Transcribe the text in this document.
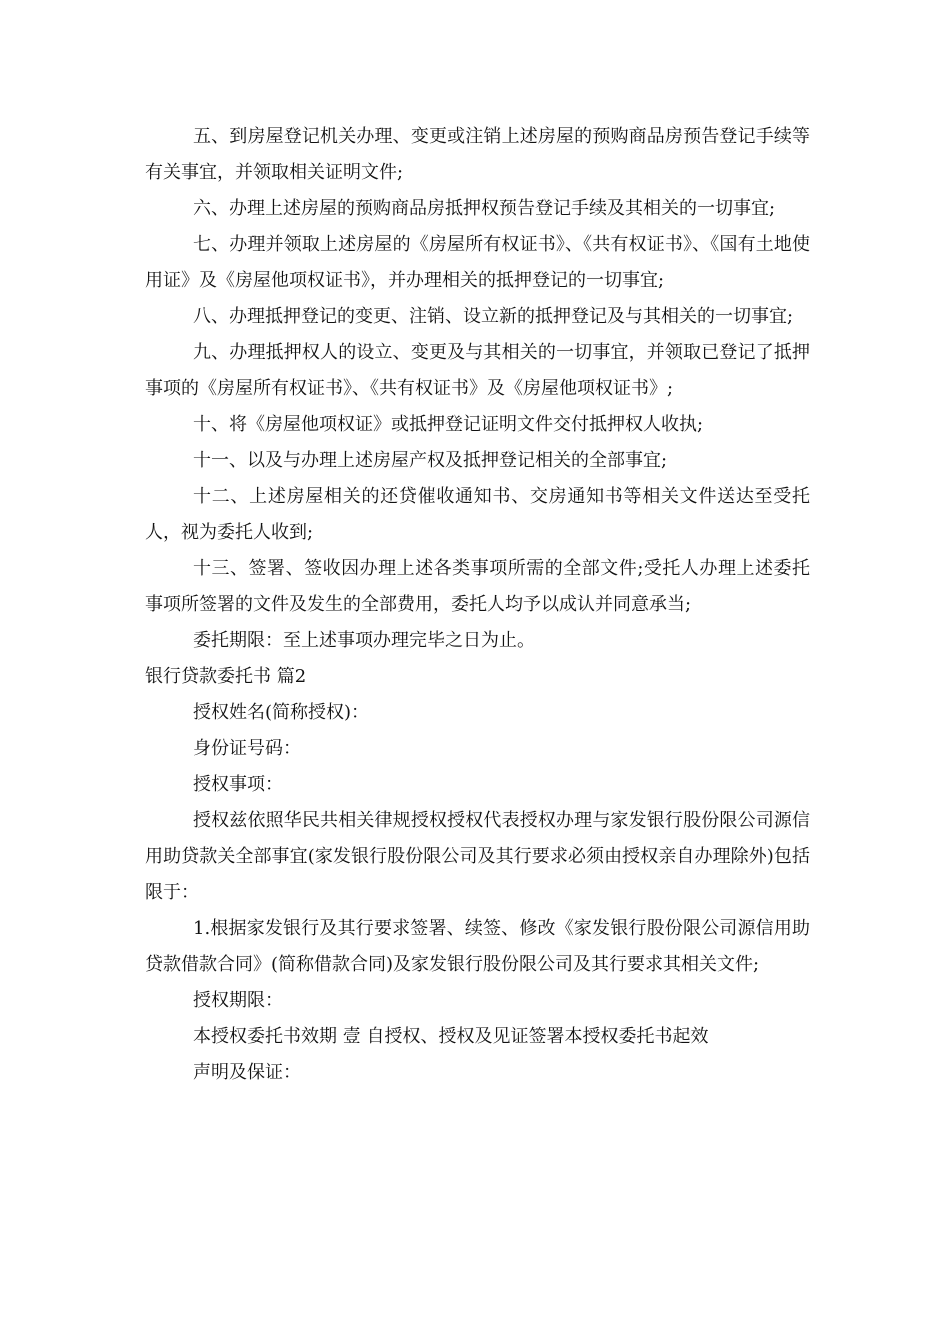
五、到房屋登记机关办理、变更或注销上述房屋的预购商品房预告登记手续等有关事宜，并领取相关证明文件;

六、办理上述房屋的预购商品房抵押权预告登记手续及其相关的一切事宜;

七、办理并领取上述房屋的《房屋所有权证书》、《共有权证书》、《国有土地使用证》及《房屋他项权证书》，并办理相关的抵押登记的一切事宜;

八、办理抵押登记的变更、注销、设立新的抵押登记及与其相关的一切事宜;

九、办理抵押权人的设立、变更及与其相关的一切事宜，并领取已登记了抵押事项的《房屋所有权证书》、《共有权证书》及《房屋他项权证书》;

十、将《房屋他项权证》或抵押登记证明文件交付抵押权人收执;

十一、以及与办理上述房屋产权及抵押登记相关的全部事宜;

十二、上述房屋相关的还贷催收通知书、交房通知书等相关文件送达至受托人，视为委托人收到;

十三、签署、签收因办理上述各类事项所需的全部文件;受托人办理上述委托事项所签署的文件及发生的全部费用，委托人均予以成认并同意承当;

委托期限：至上述事项办理完毕之日为止。

银行贷款委托书 篇2

授权姓名(简称授权)：

身份证号码：

授权事项：

授权兹依照华民共相关律规授权授权代表授权办理与家发银行股份限公司源信用助贷款关全部事宜(家发银行股份限公司及其行要求必须由授权亲自办理除外)包括限于：

1.根据家发银行及其行要求签署、续签、修改《家发银行股份限公司源信用助贷款借款合同》(简称借款合同)及家发银行股份限公司及其行要求其相关文件;

授权期限：

本授权委托书效期 壹 自授权、授权及见证签署本授权委托书起效

声明及保证：
